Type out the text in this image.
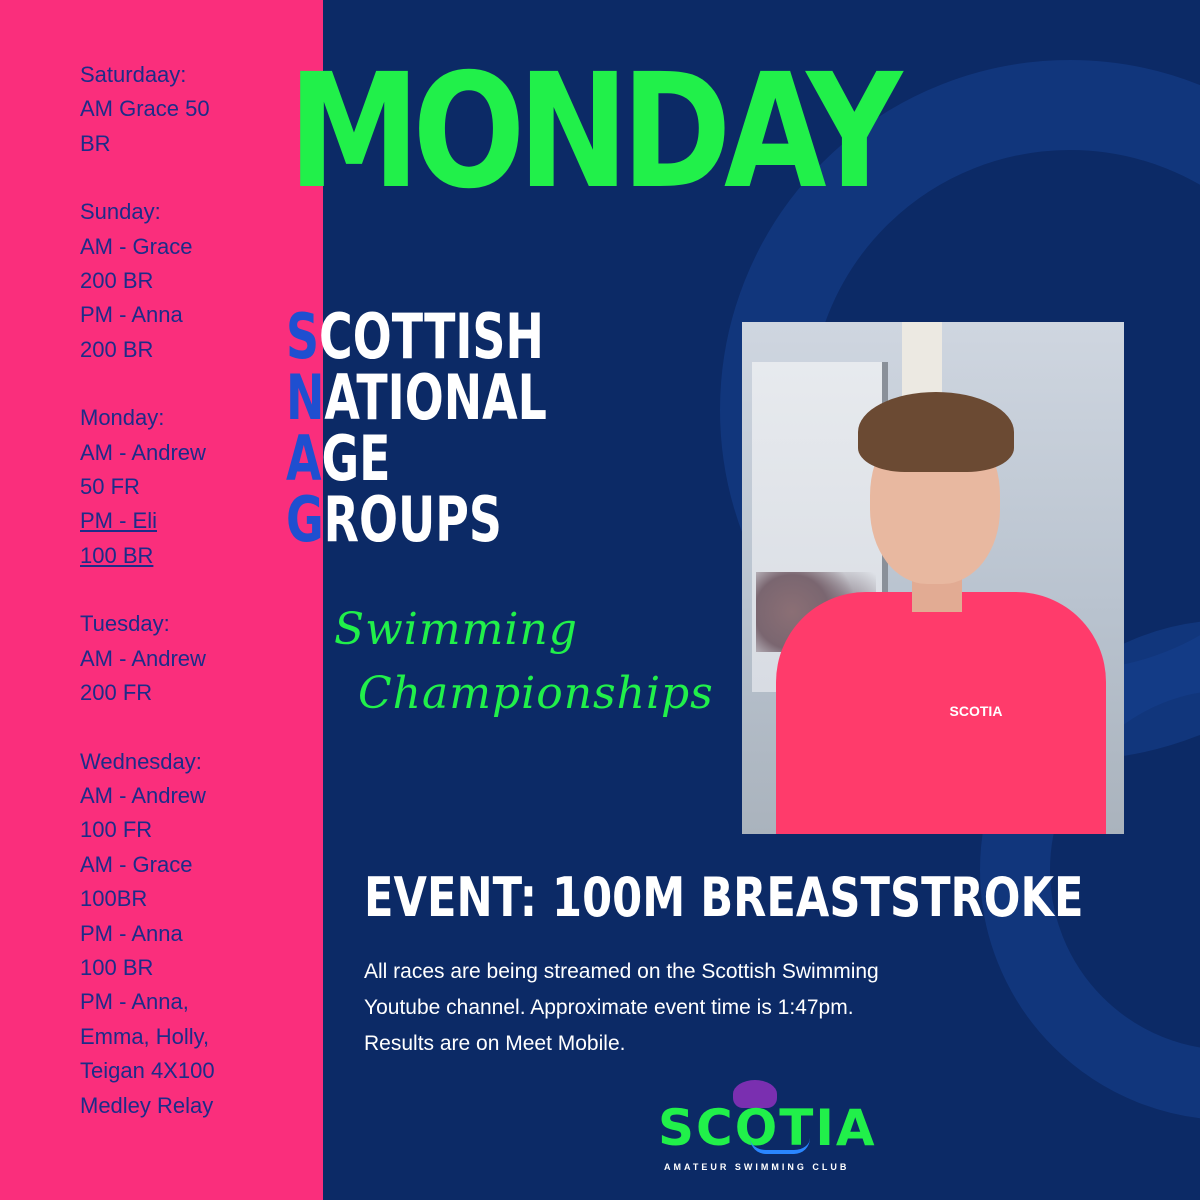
Saturdaay:
AM Grace 50
BR
Sunday:
AM - Grace
200 BR
PM - Anna
200 BR
Monday:
AM - Andrew
50 FR
PM - Eli
100 BR
Tuesday:
AM - Andrew
200 FR
Wednesday:
AM - Andrew
100 FR
AM - Grace
100BR
PM - Anna
100 BR
PM - Anna,
Emma, Holly,
Teigan 4X100
Medley Relay
MONDAY
SCOTTISH
NATIONAL
AGE
GROUPS
Swimming
Championships	SCOTIA
EVENT: 100M BREASTSTROKE
All races are being streamed on the Scottish Swimming
Youtube channel. Approximate event time is 1:47pm.
Results are on Meet Mobile.
SCOTIA
AMATEUR SWIMMING CLUB
